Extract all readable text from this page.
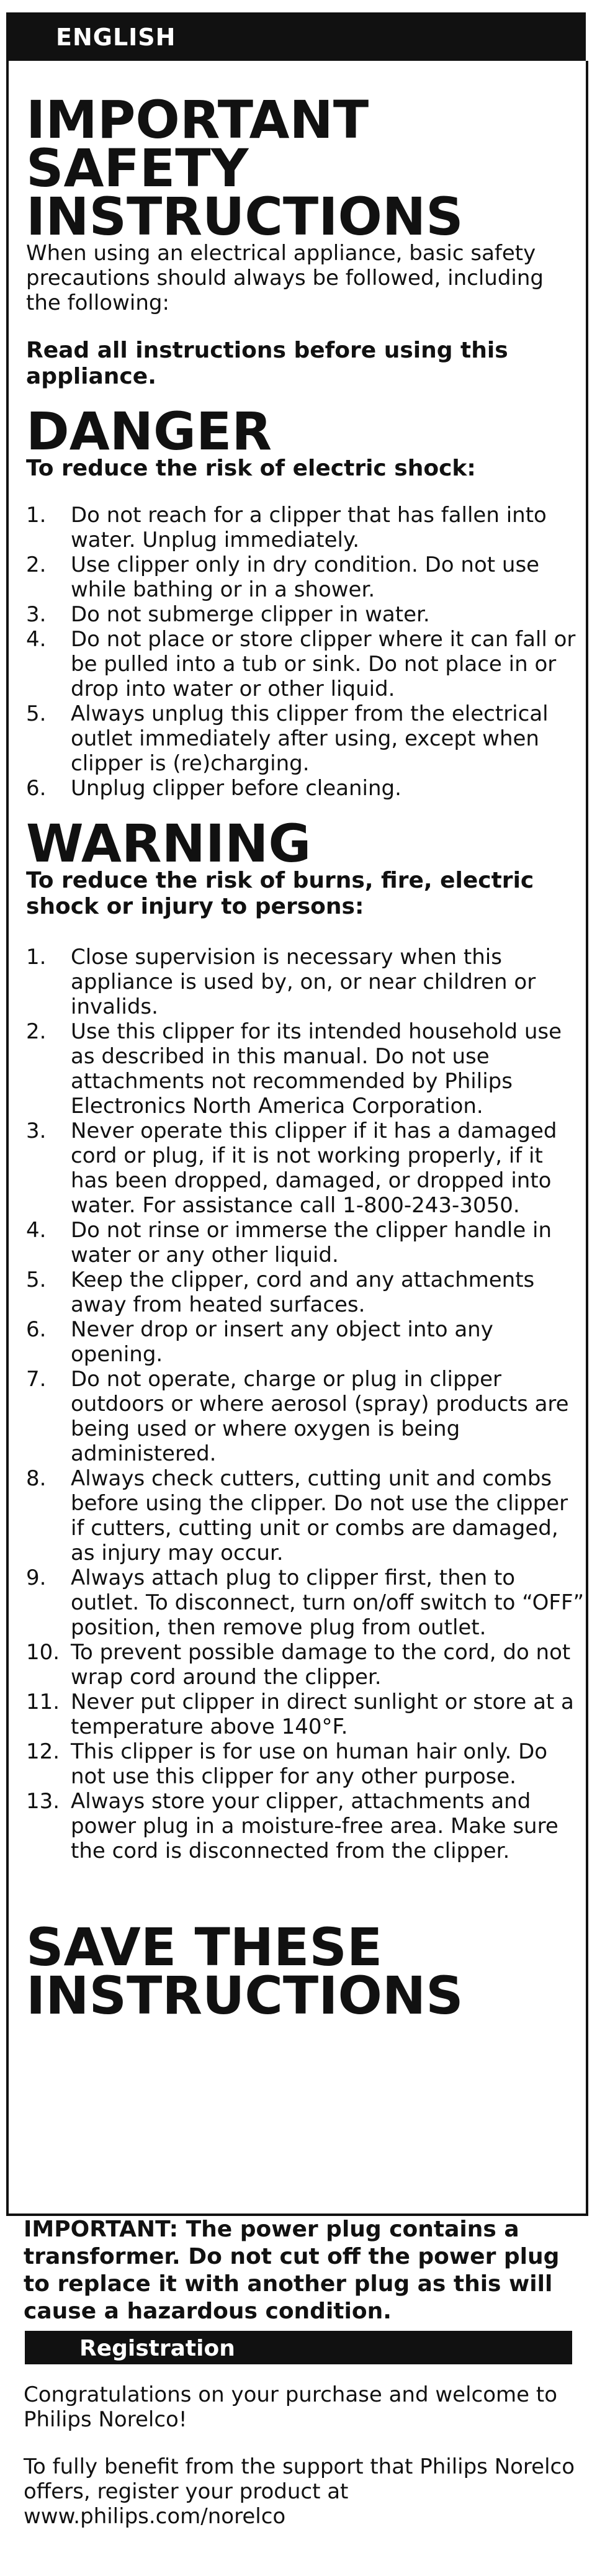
ENGLISH
IMPORTANT
SAFETY
INSTRUCTIONS

When using an electrical appliance, basic safety precautions should always be followed, including the following:

Read all instructions before using this appliance.

DANGER

To reduce the risk of electric shock:

1. Do not reach for a clipper that has fallen into water. Unplug immediately.
2. Use clipper only in dry condition. Do not use while bathing or in a shower.
3. Do not submerge clipper in water.
4. Do not place or store clipper where it can fall or be pulled into a tub or sink. Do not place in or drop into water or other liquid.
5. Always unplug this clipper from the electrical outlet immediately after using, except when clipper is (re)charging.
6. Unplug clipper before cleaning.
WARNING

To reduce the risk of burns, fire, electric shock or injury to persons:

1. Close supervision is necessary when this appliance is used by, on, or near children or invalids.
2. Use this clipper for its intended household use as described in this manual. Do not use attachments not recommended by Philips Electronics North America Corporation.
3. Never operate this clipper if it has a damaged cord or plug, if it is not working properly, if it has been dropped, damaged, or dropped into water. For assistance call 1-800-243-3050.
4. Do not rinse or immerse the clipper handle in water or any other liquid.
5. Keep the clipper, cord and any attachments away from heated surfaces.
6. Never drop or insert any object into any opening.
7. Do not operate, charge or plug in clipper outdoors or where aerosol (spray) products are being used or where oxygen is being administered.
8. Always check cutters, cutting unit and combs before using the clipper. Do not use the clipper if cutters, cutting unit or combs are damaged, as injury may occur.
9. Always attach plug to clipper first, then to outlet. To disconnect, turn on/off switch to “OFF” position, then remove plug from outlet.
10. To prevent possible damage to the cord, do not wrap cord around the clipper.
11. Never put clipper in direct sunlight or store at a temperature above 140°F.
12. This clipper is for use on human hair only. Do not use this clipper for any other purpose.
13. Always store your clipper, attachments and power plug in a moisture-free area. Make sure the cord is disconnected from the clipper.
SAVE THESE
INSTRUCTIONS

IMPORTANT: The power plug contains a transformer. Do not cut off the power plug to replace it with another plug as this will cause a hazardous condition.

Registration

Congratulations on your purchase and welcome to Philips Norelco!

To fully benefit from the support that Philips Norelco offers, register your product at www.philips.com/norelco
